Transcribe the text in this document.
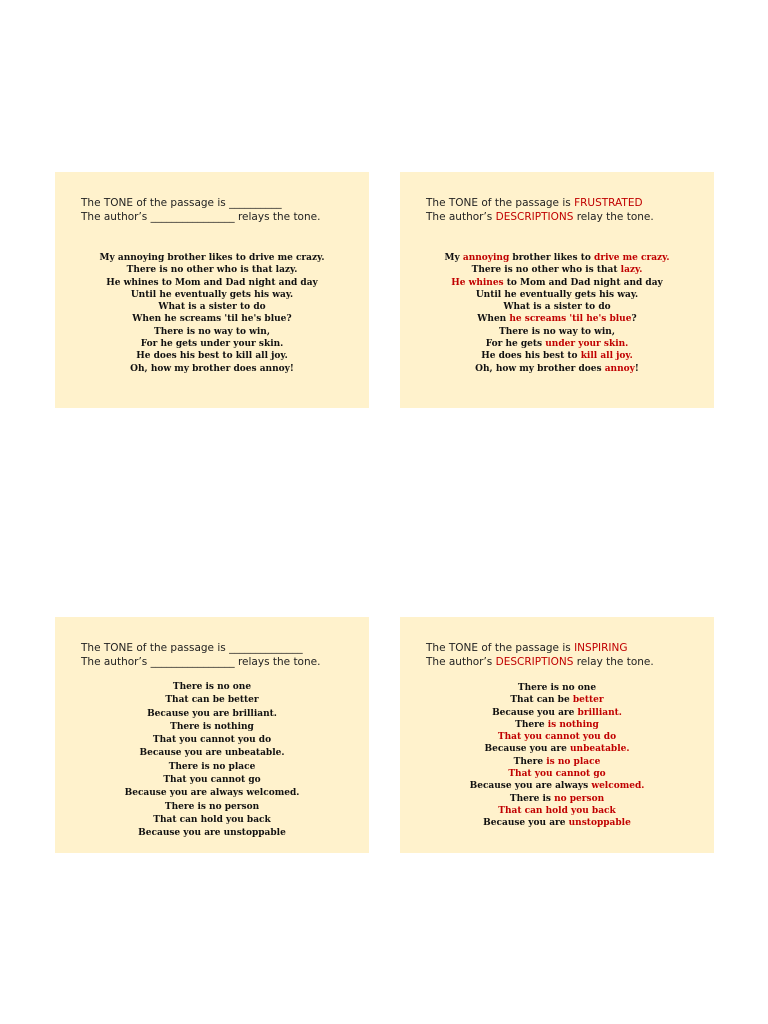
The TONE of the passage is __________
The author’s ________________ relays the tone.
My annoying brother likes to drive me crazy.
There is no other who is that lazy.
He whines to Mom and Dad night and day
Until he eventually gets his way.
What is a sister to do
When he screams 'til he's blue?
There is no way to win,
For he gets under your skin.
He does his best to kill all joy.
Oh, how my brother does annoy!
The TONE of the passage is FRUSTRATED
The author’s DESCRIPTIONS relay the tone.
My annoying brother likes to drive me crazy.
There is no other who is that lazy.
He whines to Mom and Dad night and day
Until he eventually gets his way.
What is a sister to do
When he screams 'til he's blue?
There is no way to win,
For he gets under your skin.
He does his best to kill all joy.
Oh, how my brother does annoy!
The TONE of the passage is ______________
The author’s ________________ relays the tone.
There is no one
That can be better
Because you are brilliant.
There is nothing
That you cannot you do
Because you are unbeatable.
There is no place
That you cannot go
Because you are always welcomed.
There is no person
That can hold you back
Because you are unstoppable
The TONE of the passage is INSPIRING
The author’s DESCRIPTIONS relay the tone.
There is no one
That can be better
Because you are brilliant.
There is nothing
That you cannot you do
Because you are unbeatable.
There is no place
That you cannot go
Because you are always welcomed.
There is no person
That can hold you back
Because you are unstoppable
